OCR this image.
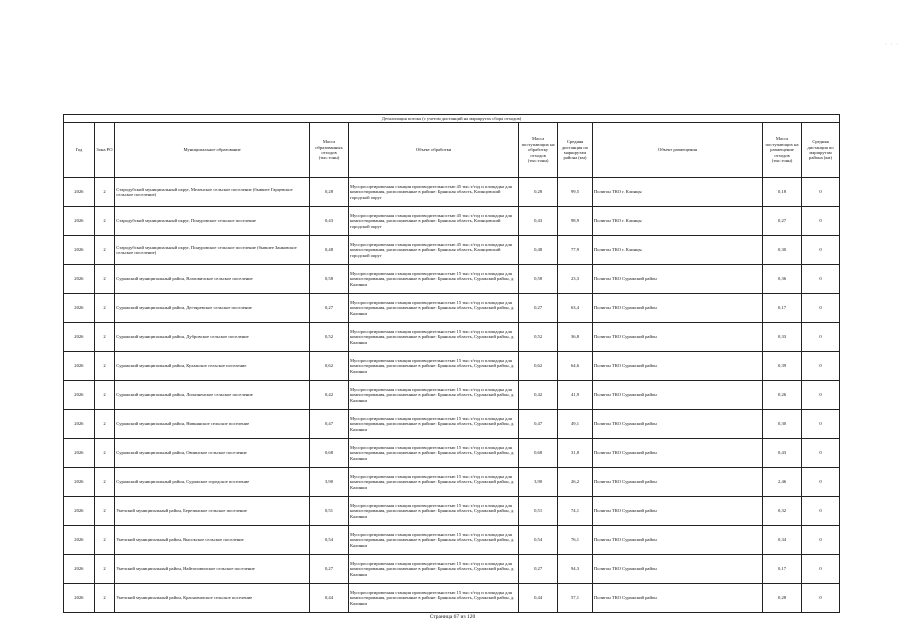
· · ·
Детализация потока (с учетом дистанций на маршрутах сбора отходов)									
Год	Зона РО	Муниципальное образование	Масса образованных отходов (тыс.тонн)	Объект обработки	Масса поступающих на обработку отходов (тыс.тонн)	Средняя дистанция по маршрутам района (км)	Объект размещения	Масса поступающих на размещение отходов (тыс.тонн)	Средняя дистанция по маршрутам района (км)
2026	2	Стародубский муниципальный округ, Меленское сельское поселение (бывшее Гарцевское сельское поселение)	0,28	Мусоросортировочная станция производительностью 45 тыс.т/год и площадка для компостирования, расположенные в районе: Брянская область, Клинцовский городской округ	0,28	99,5	Полигон ТКО г. Клинцы	0,18	0
2026	2	Стародубский муниципальный округ, Понуровское сельское поселение	0,43	Мусоросортировочная станция производительностью 45 тыс.т/год и площадка для компостирования, расположенные в районе: Брянская область, Клинцовский городской округ	0,43	98,9	Полигон ТКО г. Клинцы	0,27	0
2026	2	Стародубский муниципальный округ, Понуровское сельское поселение (бывшее Занковское сельское поселение)	0,48	Мусоросортировочная станция производительностью 45 тыс.т/год и площадка для компостирования, расположенные в районе: Брянская область, Клинцовский городской округ	0,48	77,9	Полигон ТКО г. Клинцы	0,30	0
2026	2	Суражский муниципальный район, Влазовичское сельское поселение	0,58	Мусоросортировочная станция производительностью 15 тыс.т/год и площадка для компостирования, расположенные в районе: Брянская область, Суражский район, д. Калинки	0,58	23,3	Полигон ТКО Суражский район	0,36	0
2026	2	Суражский муниципальный район, Дегтяревское сельское поселение	0,27	Мусоросортировочная станция производительностью 15 тыс.т/год и площадка для компостирования, расположенные в районе: Брянская область, Суражский район, д. Калинки	0,27	63,4	Полигон ТКО Суражский район	0,17	0
2026	2	Суражский муниципальный район, Дубровское сельское поселение	0,52	Мусоросортировочная станция производительностью 15 тыс.т/год и площадка для компостирования, расположенные в районе: Брянская область, Суражский район, д. Калинки	0,52	36,8	Полигон ТКО Суражский район	0,33	0
2026	2	Суражский муниципальный район, Кулажское сельское поселение	0,62	Мусоросортировочная станция производительностью 15 тыс.т/год и площадка для компостирования, расположенные в районе: Брянская область, Суражский район, д. Калинки	0,62	64,6	Полигон ТКО Суражский район	0,39	0
2026	2	Суражский муниципальный район, Лопазненское сельское поселение	0,42	Мусоросортировочная станция производительностью 15 тыс.т/год и площадка для компостирования, расположенные в районе: Брянская область, Суражский район, д. Калинки	0,42	41,9	Полигон ТКО Суражский район	0,26	0
2026	2	Суражский муниципальный район, Нивнянское сельское поселение	0,47	Мусоросортировочная станция производительностью 15 тыс.т/год и площадка для компостирования, расположенные в районе: Брянская область, Суражский район, д. Калинки	0,47	49,1	Полигон ТКО Суражский район	0,30	0
2026	2	Суражский муниципальный район, Овчинское сельское поселение	0,68	Мусоросортировочная станция производительностью 15 тыс.т/год и площадка для компостирования, расположенные в районе: Брянская область, Суражский район, д. Калинки	0,68	31,8	Полигон ТКО Суражский район	0,43	0
2026	2	Суражский муниципальный район, Суражское городское поселение	3,90	Мусоросортировочная станция производительностью 15 тыс.т/год и площадка для компостирования, расположенные в районе: Брянская область, Суражский район, д. Калинки	3,90	26,2	Полигон ТКО Суражский район	2,46	0
2026	2	Унечский муниципальный район, Березинское сельское поселение	0,51	Мусоросортировочная станция производительностью 15 тыс.т/год и площадка для компостирования, расположенные в районе: Брянская область, Суражский район, д. Калинки	0,51	74,1	Полигон ТКО Суражский район	0,32	0
2026	2	Унечский муниципальный район, Высокское сельское поселение	0,54	Мусоросортировочная станция производительностью 15 тыс.т/год и площадка для компостирования, расположенные в районе: Брянская область, Суражский район, д. Калинки	0,54	76,1	Полигон ТКО Суражский район	0,34	0
2026	2	Унечский муниципальный район, Найтоповичское сельское поселение	0,27	Мусоросортировочная станция производительностью 15 тыс.т/год и площадка для компостирования, расположенные в районе: Брянская область, Суражский район, д. Калинки	0,27	94,3	Полигон ТКО Суражский район	0,17	0
2026	2	Унечский муниципальный район, Красновичское сельское поселение	0,44	Мусоросортировочная станция производительностью 15 тыс.т/год и площадка для компостирования, расположенные в районе: Брянская область, Суражский район, д. Калинки	0,44	57,1	Полигон ТКО Суражский район	0,28	0
Страница 67 из 120
